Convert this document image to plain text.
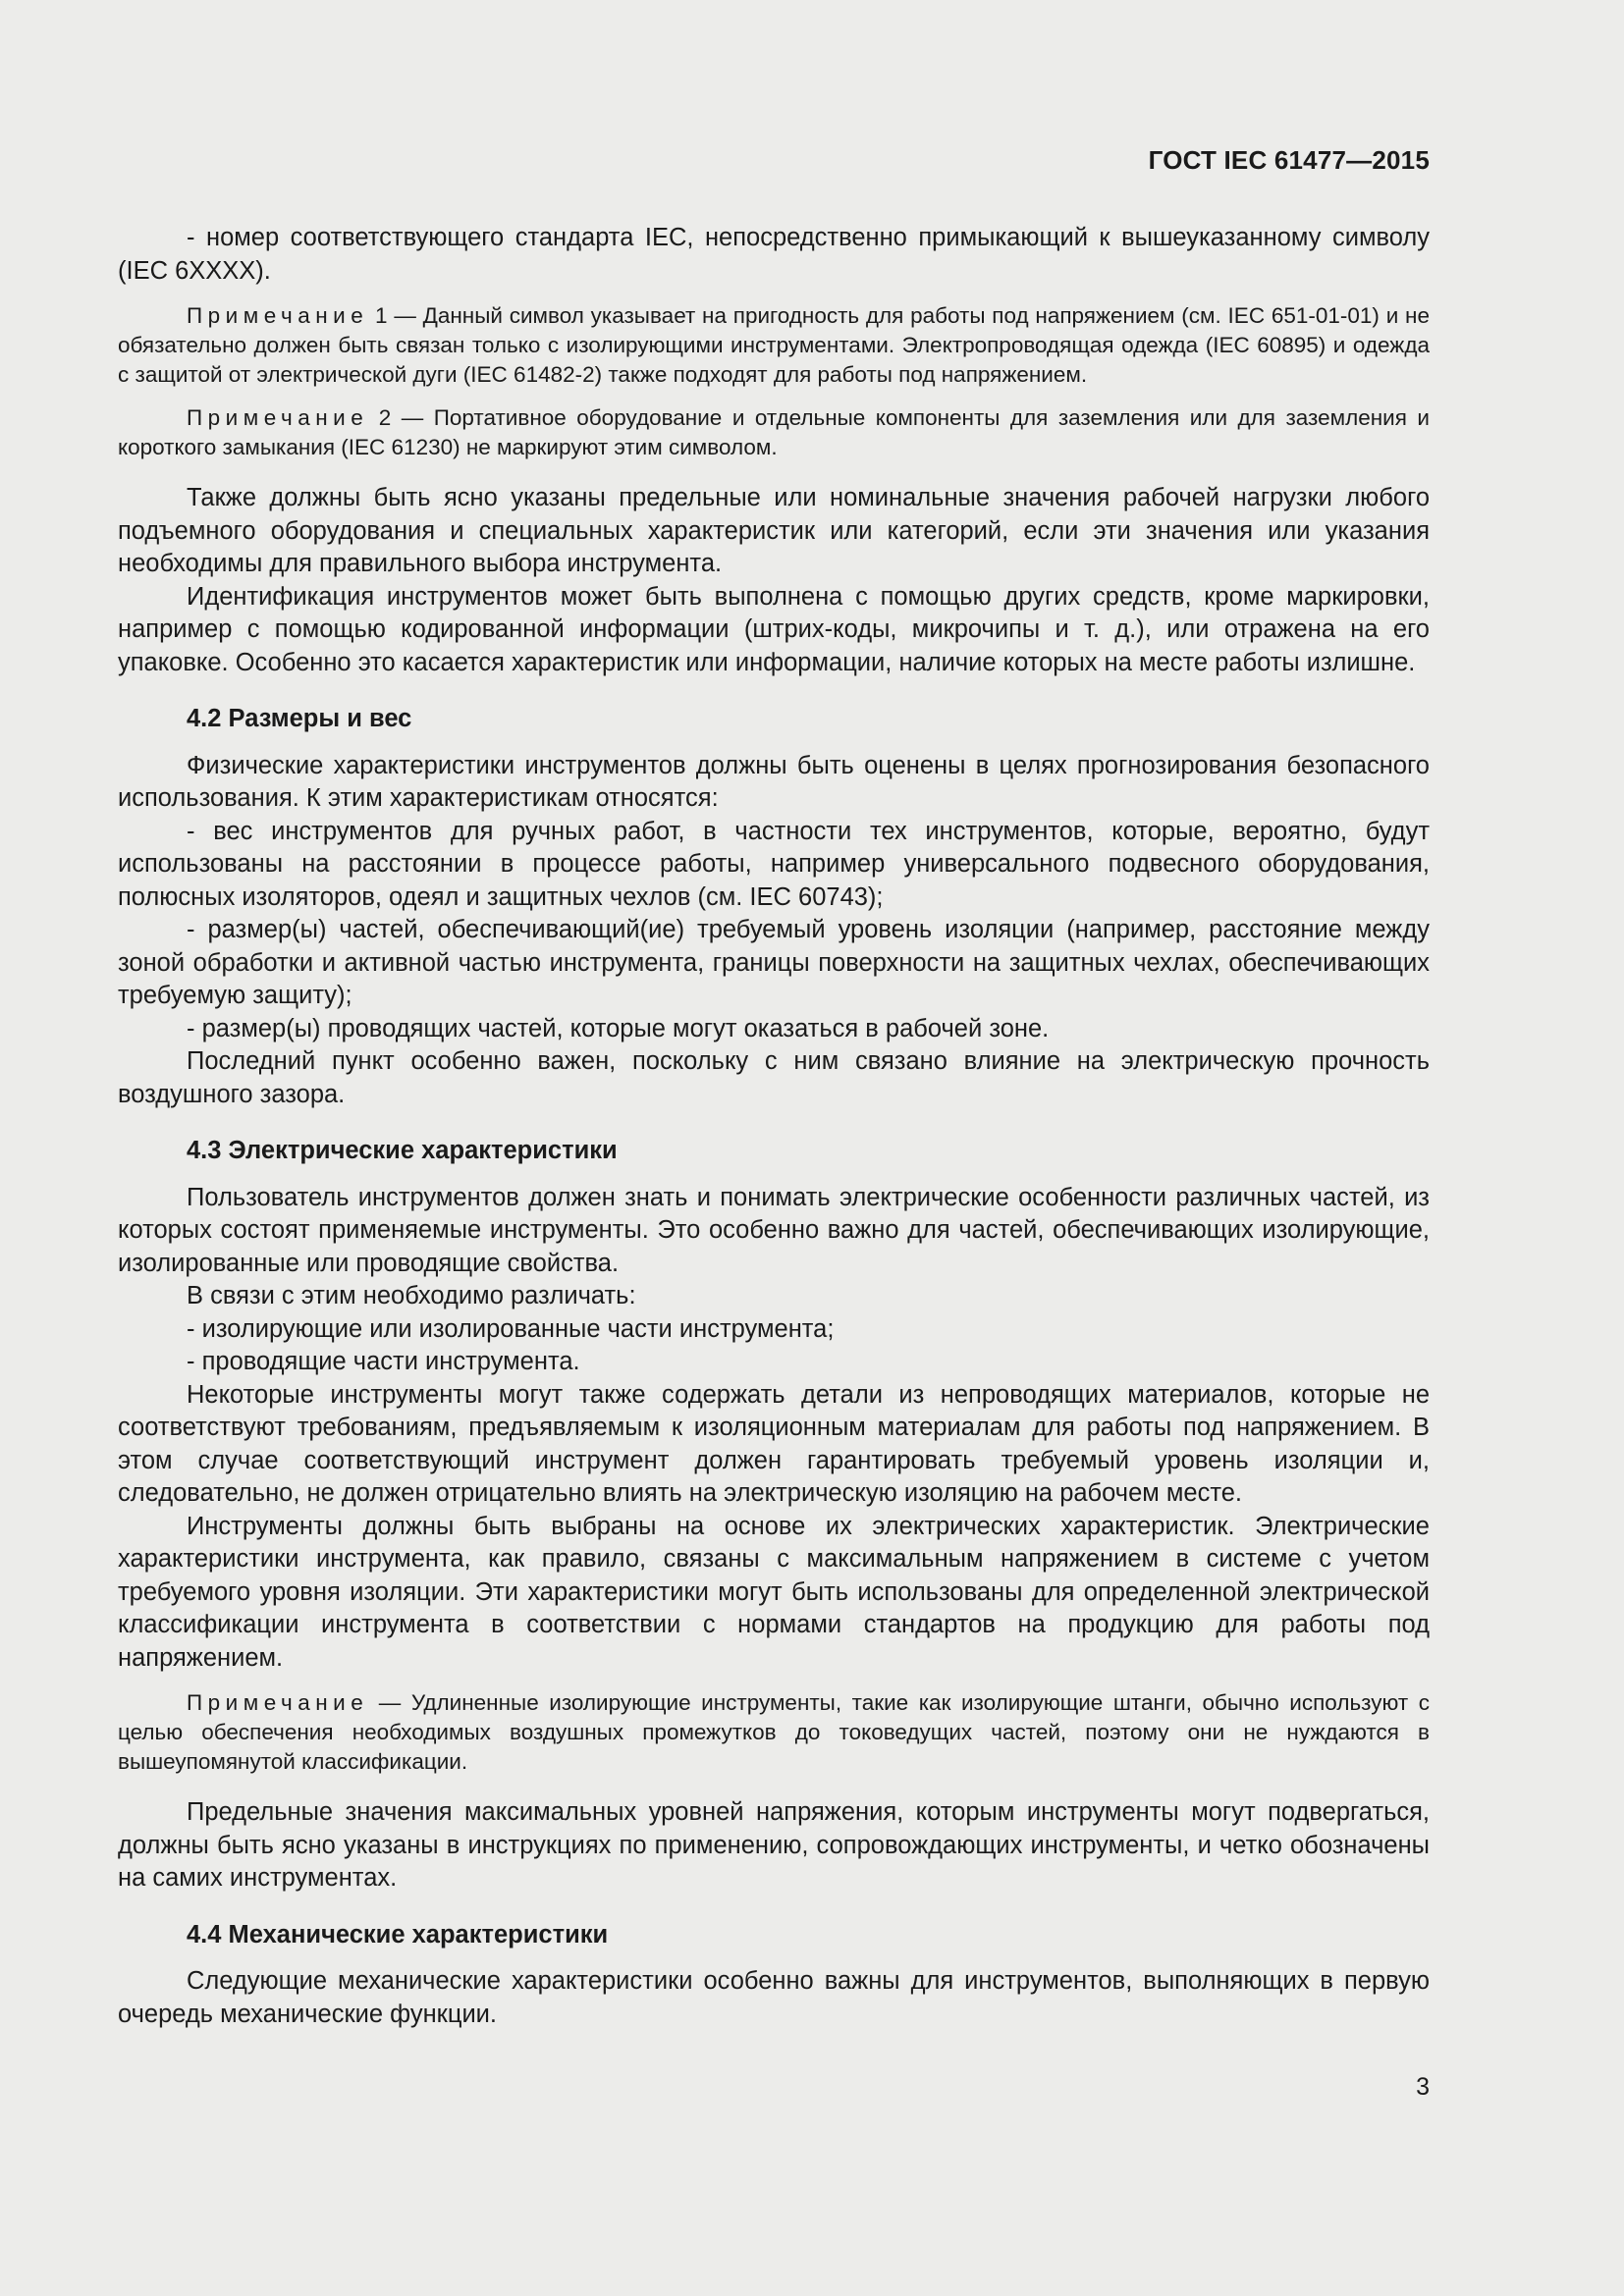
ГОСТ IEC 61477—2015

- номер соответствующего стандарта IEC, непосредственно примыкающий к вышеуказанному символу (IEC 6XXXX).

Примечание 1 — Данный символ указывает на пригодность для работы под напряжением (см. IEC 651-01-01) и не обязательно должен быть связан только с изолирующими инструментами. Электропроводящая одежда (IEC 60895) и одежда с защитой от электрической дуги (IEC 61482-2) также подходят для работы под напряжением.

Примечание 2 — Портативное оборудование и отдельные компоненты для заземления или для заземления и короткого замыкания (IEC 61230) не маркируют этим символом.

Также должны быть ясно указаны предельные или номинальные значения рабочей нагрузки любого подъемного оборудования и специальных характеристик или категорий, если эти значения или указания необходимы для правильного выбора инструмента.

Идентификация инструментов может быть выполнена с помощью других средств, кроме маркировки, например с помощью кодированной информации (штрих-коды, микрочипы и т. д.), или отражена на его упаковке. Особенно это касается характеристик или информации, наличие которых на месте работы излишне.

4.2 Размеры и вес

Физические характеристики инструментов должны быть оценены в целях прогнозирования безопасного использования. К этим характеристикам относятся:

- вес инструментов для ручных работ, в частности тех инструментов, которые, вероятно, будут использованы на расстоянии в процессе работы, например универсального подвесного оборудования, полюсных изоляторов, одеял и защитных чехлов (см. IEC 60743);

- размер(ы) частей, обеспечивающий(ие) требуемый уровень изоляции (например, расстояние между зоной обработки и активной частью инструмента, границы поверхности на защитных чехлах, обеспечивающих требуемую защиту);

- размер(ы) проводящих частей, которые могут оказаться в рабочей зоне.

Последний пункт особенно важен, поскольку с ним связано влияние на электрическую прочность воздушного зазора.

4.3 Электрические характеристики

Пользователь инструментов должен знать и понимать электрические особенности различных частей, из которых состоят применяемые инструменты. Это особенно важно для частей, обеспечивающих изолирующие, изолированные или проводящие свойства.

В связи с этим необходимо различать:

- изолирующие или изолированные части инструмента;

- проводящие части инструмента.

Некоторые инструменты могут также содержать детали из непроводящих материалов, которые не соответствуют требованиям, предъявляемым к изоляционным материалам для работы под напряжением. В этом случае соответствующий инструмент должен гарантировать требуемый уровень изоляции и, следовательно, не должен отрицательно влиять на электрическую изоляцию на рабочем месте.

Инструменты должны быть выбраны на основе их электрических характеристик. Электрические характеристики инструмента, как правило, связаны с максимальным напряжением в системе с учетом требуемого уровня изоляции. Эти характеристики могут быть использованы для определенной электрической классификации инструмента в соответствии с нормами стандартов на продукцию для работы под напряжением.

Примечание — Удлиненные изолирующие инструменты, такие как изолирующие штанги, обычно используют с целью обеспечения необходимых воздушных промежутков до токоведущих частей, поэтому они не нуждаются в вышеупомянутой классификации.

Предельные значения максимальных уровней напряжения, которым инструменты могут подвергаться, должны быть ясно указаны в инструкциях по применению, сопровождающих инструменты, и четко обозначены на самих инструментах.

4.4 Механические характеристики

Следующие механические характеристики особенно важны для инструментов, выполняющих в первую очередь механические функции.

3
